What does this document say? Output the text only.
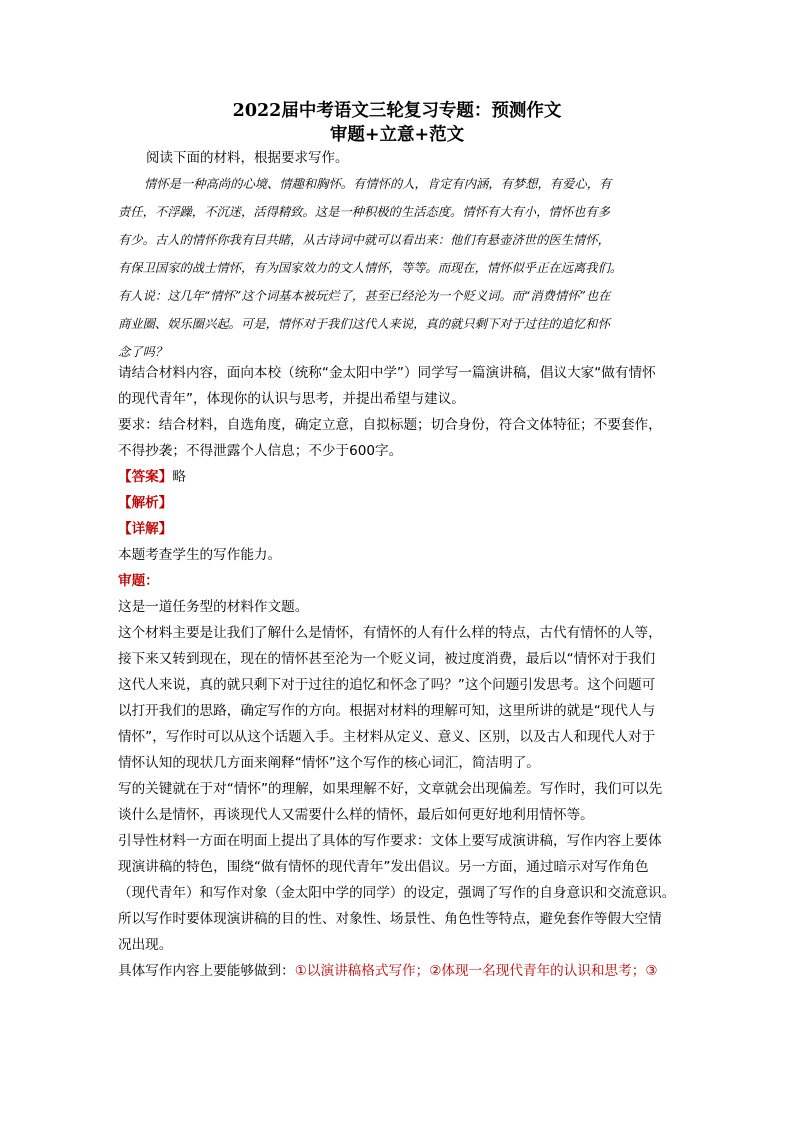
2022届中考语文三轮复习专题：预测作文
审题+立意+范文
阅读下面的材料，根据要求写作。
情怀是一种高尚的心境、情趣和胸怀。有情怀的人，肯定有内涵，有梦想，有爱心，有
责任，不浮躁，不沉迷，活得精致。这是一种积极的生活态度。情怀有大有小，情怀也有多
有少。古人的情怀你我有目共睹，从古诗词中就可以看出来：他们有悬壶济世的医生情怀，
有保卫国家的战士情怀，有为国家效力的文人情怀，等等。而现在，情怀似乎正在远离我们。
有人说：这几年“情怀”这个词基本被玩烂了，甚至已经沦为一个贬义词。而“消费情怀”也在
商业圈、娱乐圈兴起。可是，情怀对于我们这代人来说，真的就只剩下对于过往的追忆和怀
念了吗？
请结合材料内容，面向本校（统称“金太阳中学”）同学写一篇演讲稿，倡议大家“做有情怀
的现代青年”，体现你的认识与思考，并提出希望与建议。
要求：结合材料，自选角度，确定立意，自拟标题；切合身份，符合文体特征；不要套作，
不得抄袭；不得泄露个人信息；不少于600字。
【答案】略
【解析】
【详解】
本题考查学生的写作能力。
审题：
这是一道任务型的材料作文题。
这个材料主要是让我们了解什么是情怀，有情怀的人有什么样的特点，古代有情怀的人等，
接下来又转到现在，现在的情怀甚至沦为一个贬义词，被过度消费，最后以“情怀对于我们
这代人来说，真的就只剩下对于过往的追忆和怀念了吗？”这个问题引发思考。这个问题可
以打开我们的思路，确定写作的方向。根据对材料的理解可知，这里所讲的就是“现代人与
情怀”，写作时可以从这个话题入手。主材料从定义、意义、区别，以及古人和现代人对于
情怀认知的现状几方面来阐释“情怀”这个写作的核心词汇，简洁明了。
写的关键就在于对“情怀”的理解，如果理解不好，文章就会出现偏差。写作时，我们可以先
谈什么是情怀，再谈现代人又需要什么样的情怀，最后如何更好地利用情怀等。
引导性材料一方面在明面上提出了具体的写作要求：文体上要写成演讲稿，写作内容上要体
现演讲稿的特色，围绕“做有情怀的现代青年”发出倡议。另一方面，通过暗示对写作角色
（现代青年）和写作对象（金太阳中学的同学）的设定，强调了写作的自身意识和交流意识。
所以写作时要体现演讲稿的目的性、对象性、场景性、角色性等特点，避免套作等假大空情
况出现。
具体写作内容上要能够做到：①以演讲稿格式写作；②体现一名现代青年的认识和思考；③
